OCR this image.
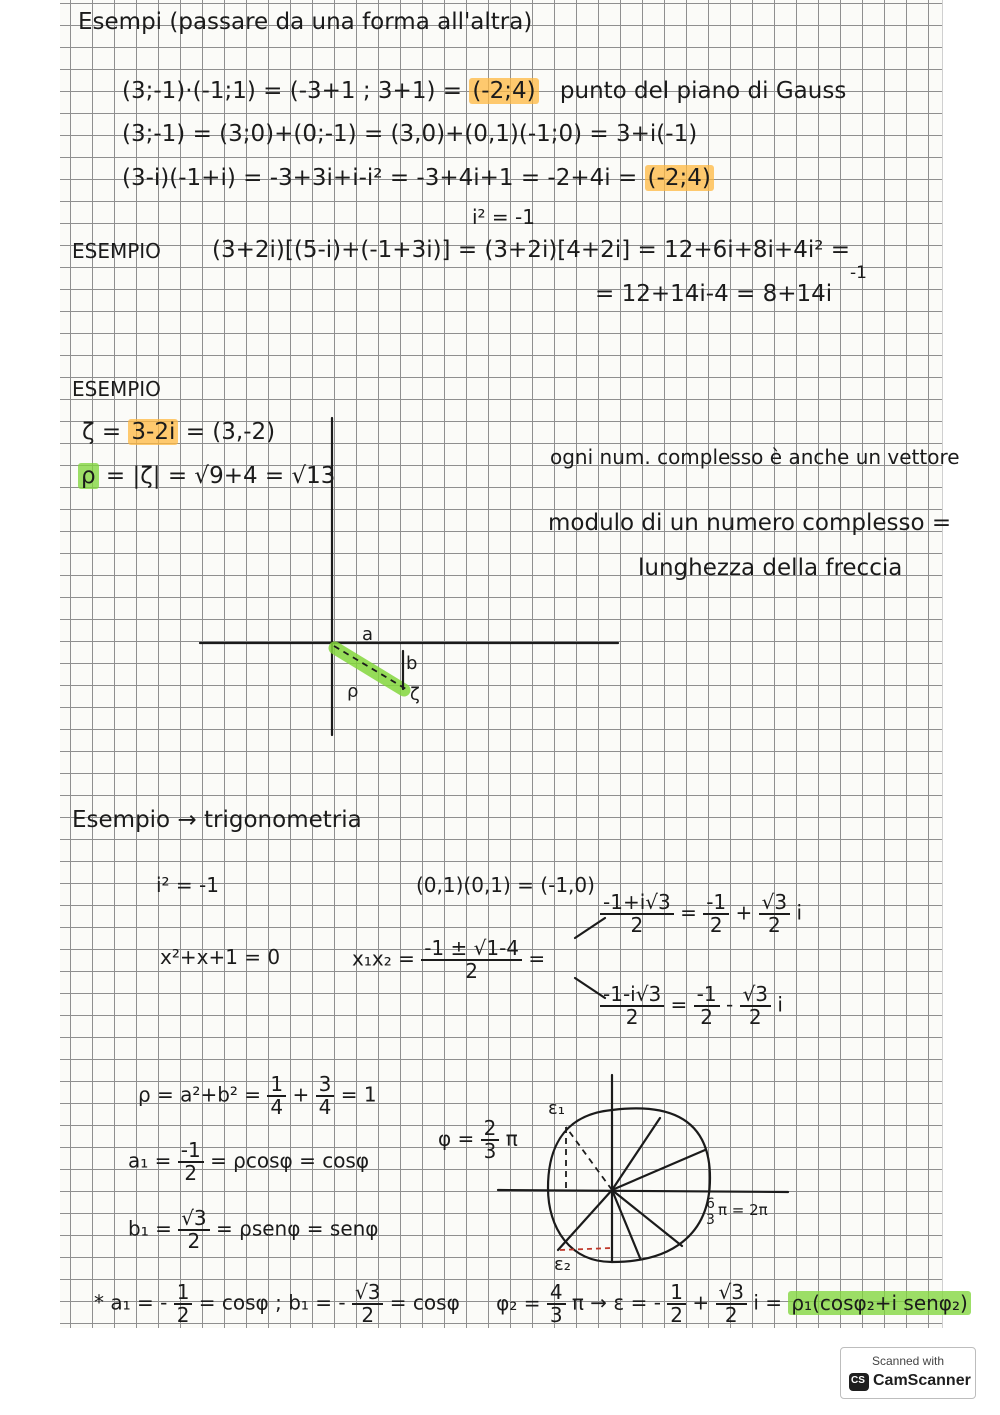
Esempi (passare da una forma all'altra)
(3;-1)·(-1;1) = (-3+1 ; 3+1) = (-2;4) punto del piano di Gauss
(3;-1) = (3;0)+(0;-1) = (3,0)+(0,1)(-1;0) = 3+i(-1)
(3-i)(-1+i) = -3+3i+i-i² = -3+4i+1 = -2+4i = (-2;4)
i² = -1
ESEMPIO (3+2i)[(5-i)+(-1+3i)] = (3+2i)[4+2i] = 12+6i+8i+4i² =
-1
= 12+14i-4 = 8+14i
ESEMPIO
ζ = 3-2i = (3,-2)
ρ = |ζ| = √9+4 = √13
ogni num. complesso è anche un vettore
modulo di un numero complesso =
lunghezza della freccia
a
b
ρ	ζ
Esempio → trigonometria
i² = -1	(0,1)(0,1) = (-1,0)
x²+x+1 = 0	$x_1x_2 = \frac{-1 \pm √1-4}{2}$ =
$\frac{-1+i√3}{2} = \frac{-1}{2} + \frac{√3}{2}$ i
$\frac{-1-i√3}{2} = \frac{-1}{2} - \frac{√3}{2}$ i
$\rho = a^2+b^2 = \frac{1}{4} + \frac{3}{4} = 1$
$a_1 = \frac{-1}{2} = \rho\cos\varphi = \cos\varphi$
$b_1 = \frac{√3}{2} = \rho sen\varphi = sen\varphi$
$\varphi = \frac{2}{3}$ π
ε₁
ε₂
6
3
π = 2π
* a₁ = - $\frac{1}{2} = \cos\varphi$ ; b₁ = - $\frac{√3}{2} = \cos\varphi$ $\varphi_2 = \frac{4}{3}$ π → ε = - $\frac{1}{2} + \frac{√3}{2}$ i = ρ₁(cosφ₂+i senφ₂)
Scanned with
CS CamScanner
